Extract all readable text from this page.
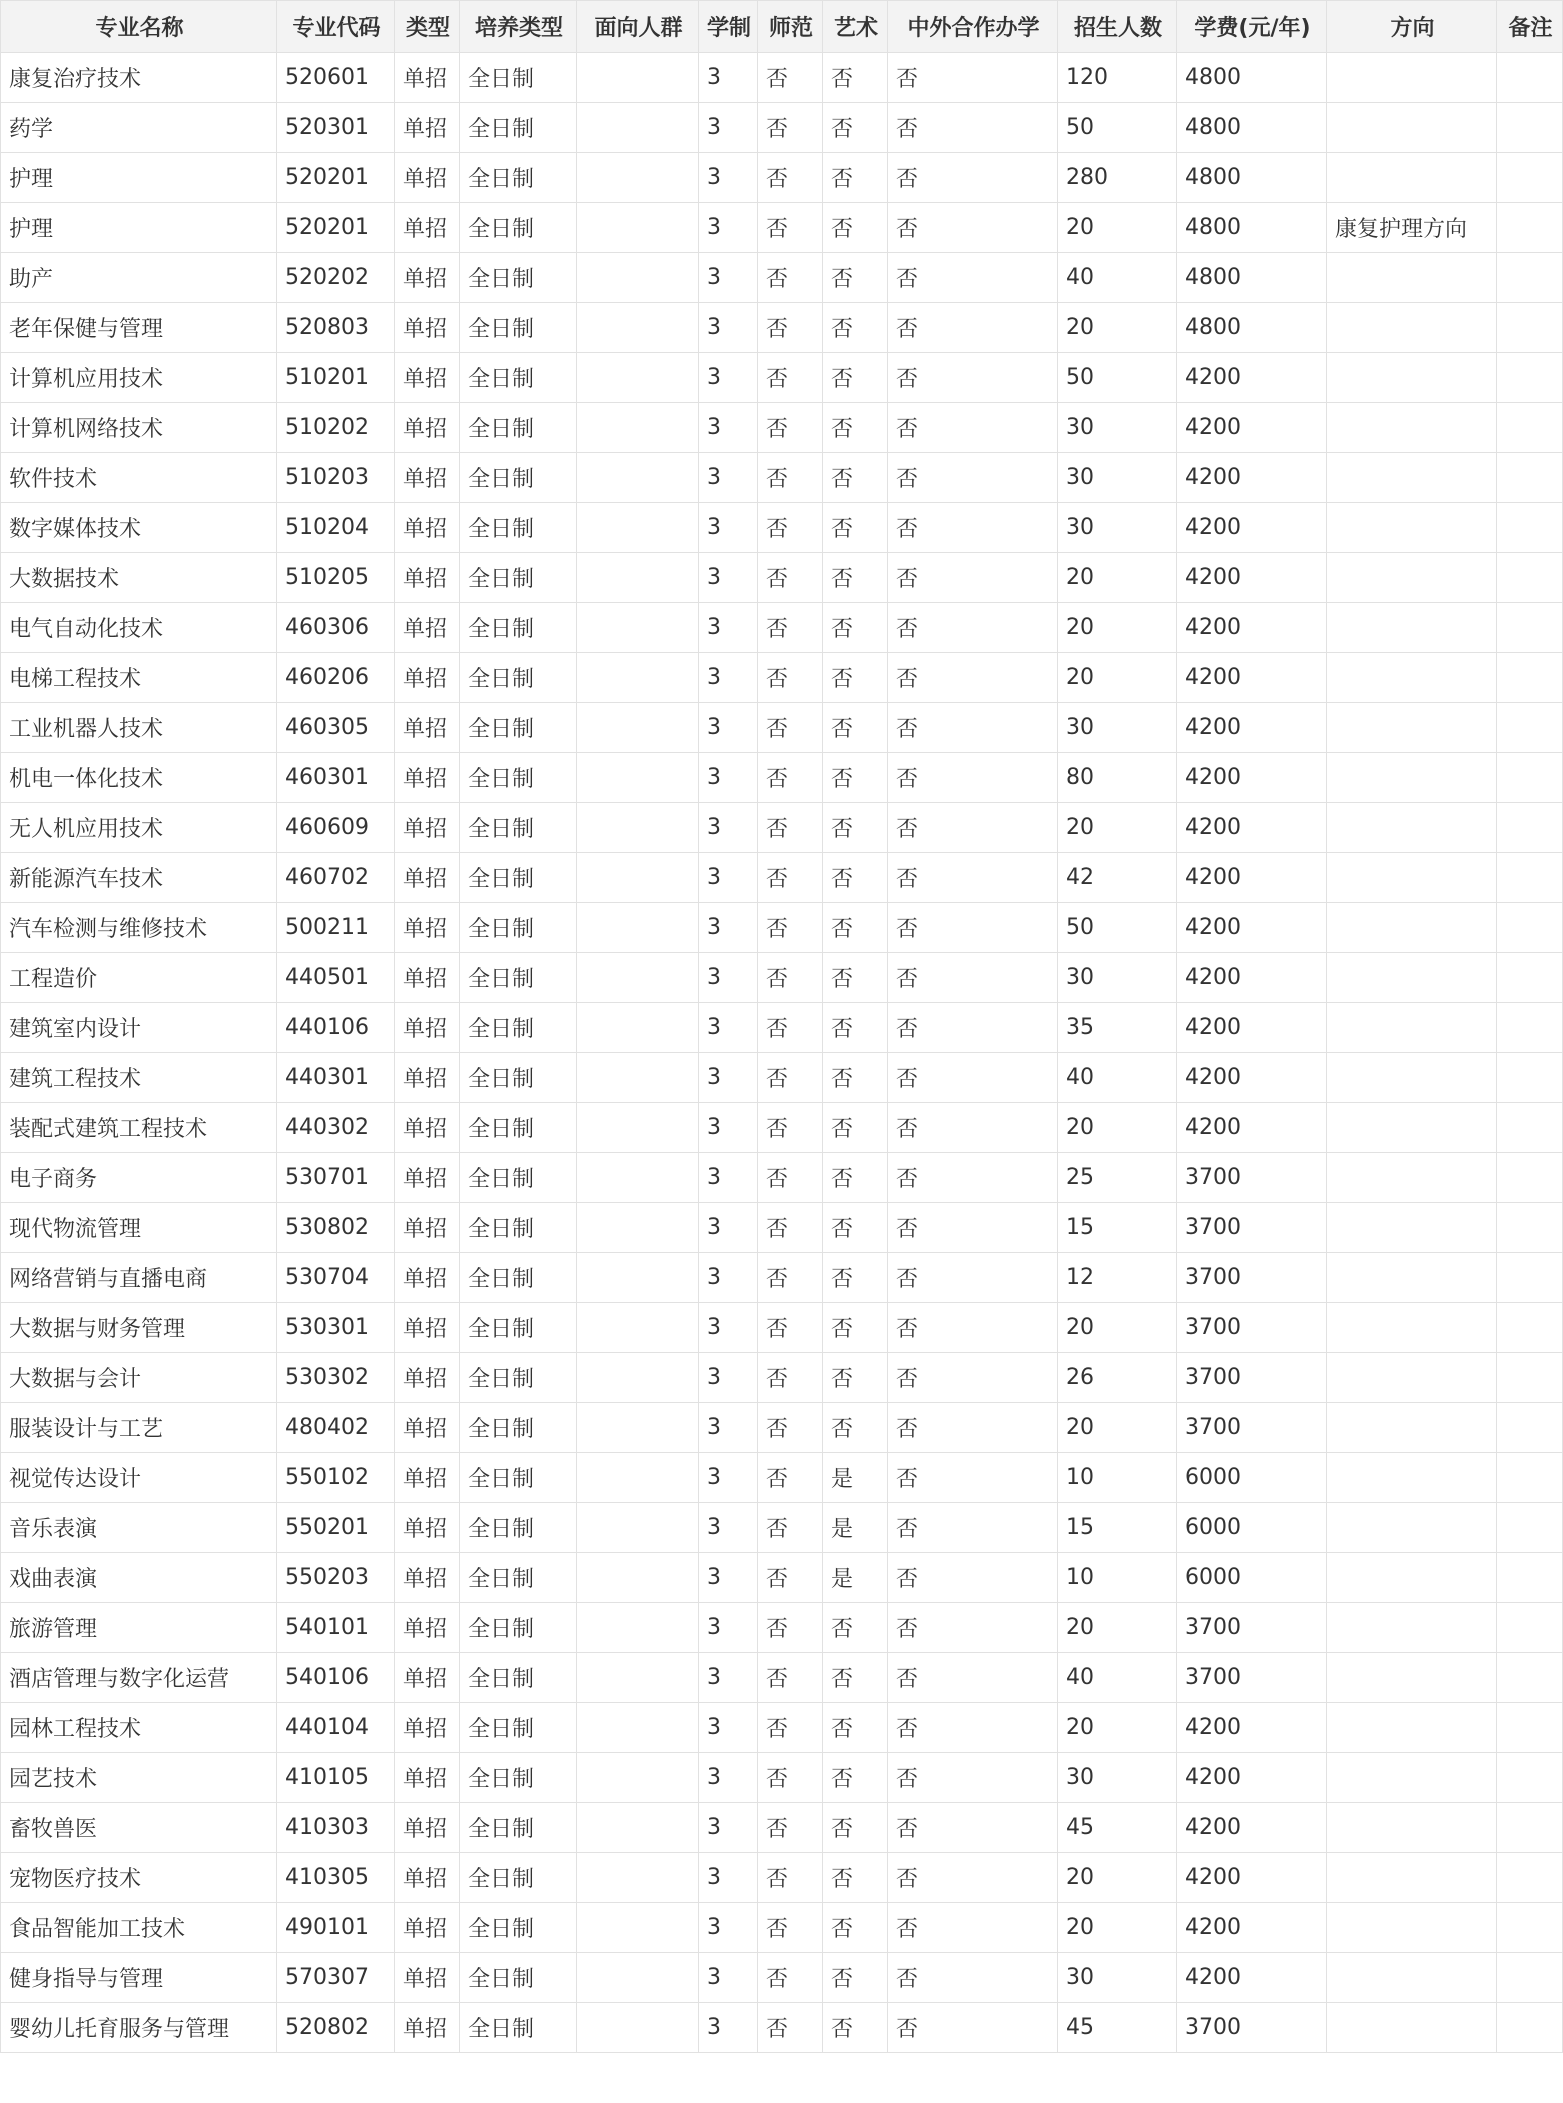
专业名称	专业代码	类型	培养类型	面向人群	学制	师范	艺术	中外合作办学	招生人数	学费(元/年)	方向	备注
康复治疗技术	520601	单招	全日制		3	否	否	否	120	4800		
药学	520301	单招	全日制		3	否	否	否	50	4800		
护理	520201	单招	全日制		3	否	否	否	280	4800		
护理	520201	单招	全日制		3	否	否	否	20	4800	康复护理方向	
助产	520202	单招	全日制		3	否	否	否	40	4800		
老年保健与管理	520803	单招	全日制		3	否	否	否	20	4800		
计算机应用技术	510201	单招	全日制		3	否	否	否	50	4200		
计算机网络技术	510202	单招	全日制		3	否	否	否	30	4200		
软件技术	510203	单招	全日制		3	否	否	否	30	4200		
数字媒体技术	510204	单招	全日制		3	否	否	否	30	4200		
大数据技术	510205	单招	全日制		3	否	否	否	20	4200		
电气自动化技术	460306	单招	全日制		3	否	否	否	20	4200		
电梯工程技术	460206	单招	全日制		3	否	否	否	20	4200		
工业机器人技术	460305	单招	全日制		3	否	否	否	30	4200		
机电一体化技术	460301	单招	全日制		3	否	否	否	80	4200		
无人机应用技术	460609	单招	全日制		3	否	否	否	20	4200		
新能源汽车技术	460702	单招	全日制		3	否	否	否	42	4200		
汽车检测与维修技术	500211	单招	全日制		3	否	否	否	50	4200		
工程造价	440501	单招	全日制		3	否	否	否	30	4200		
建筑室内设计	440106	单招	全日制		3	否	否	否	35	4200		
建筑工程技术	440301	单招	全日制		3	否	否	否	40	4200		
装配式建筑工程技术	440302	单招	全日制		3	否	否	否	20	4200		
电子商务	530701	单招	全日制		3	否	否	否	25	3700		
现代物流管理	530802	单招	全日制		3	否	否	否	15	3700		
网络营销与直播电商	530704	单招	全日制		3	否	否	否	12	3700		
大数据与财务管理	530301	单招	全日制		3	否	否	否	20	3700		
大数据与会计	530302	单招	全日制		3	否	否	否	26	3700		
服装设计与工艺	480402	单招	全日制		3	否	否	否	20	3700		
视觉传达设计	550102	单招	全日制		3	否	是	否	10	6000		
音乐表演	550201	单招	全日制		3	否	是	否	15	6000		
戏曲表演	550203	单招	全日制		3	否	是	否	10	6000		
旅游管理	540101	单招	全日制		3	否	否	否	20	3700		
酒店管理与数字化运营	540106	单招	全日制		3	否	否	否	40	3700		
园林工程技术	440104	单招	全日制		3	否	否	否	20	4200		
园艺技术	410105	单招	全日制		3	否	否	否	30	4200		
畜牧兽医	410303	单招	全日制		3	否	否	否	45	4200		
宠物医疗技术	410305	单招	全日制		3	否	否	否	20	4200		
食品智能加工技术	490101	单招	全日制		3	否	否	否	20	4200		
健身指导与管理	570307	单招	全日制		3	否	否	否	30	4200		
婴幼儿托育服务与管理	520802	单招	全日制		3	否	否	否	45	3700		
